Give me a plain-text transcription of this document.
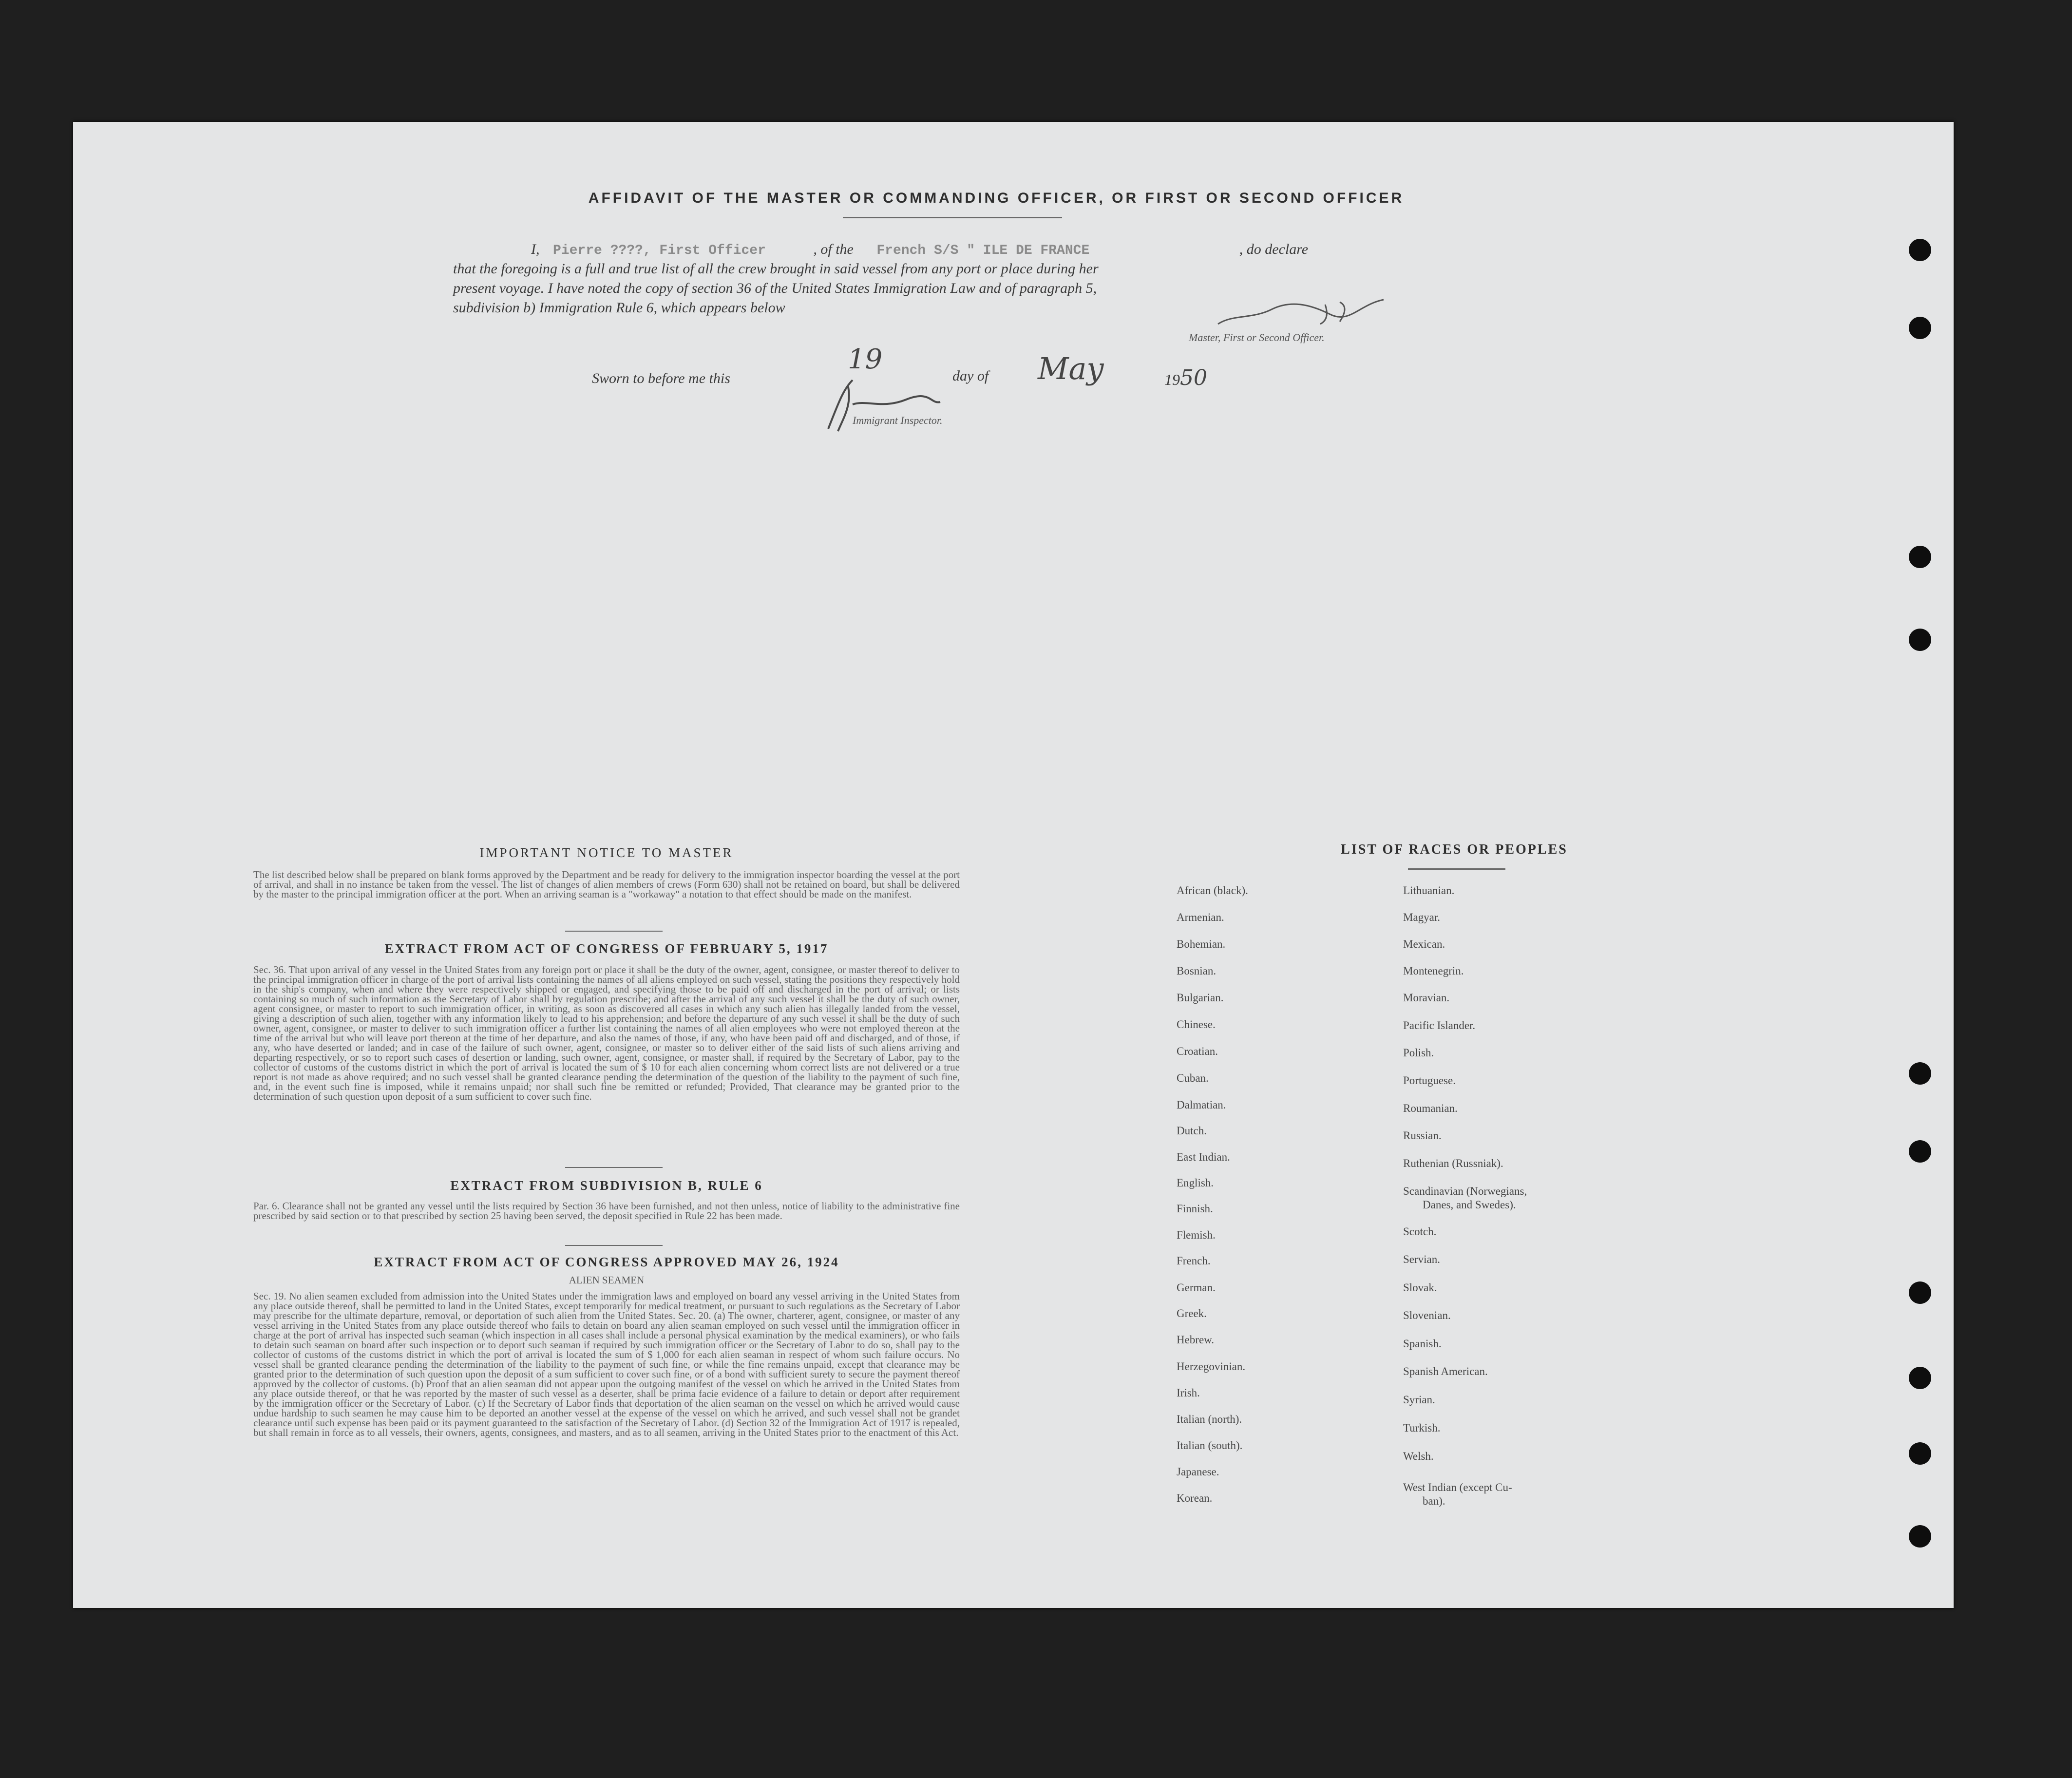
AFFIDAVIT OF THE MASTER OR COMMANDING OFFICER, OR FIRST OR SECOND OFFICER
I, Pierre ????, First Officer	, of the French S/S " ILE DE FRANCE	, do declare
that the foregoing is a full and true list of all the crew brought in said vessel from any port or place during her
present voyage. I have noted the copy of section 36 of the United States Immigration Law and of paragraph 5,
subdivision b) Immigration Rule 6, which appears below
Master, First or Second Officer.
Sworn to before me this
19
day of May	1950
Immigrant Inspector.
IMPORTANT NOTICE TO MASTER
The list described below shall be prepared on blank forms approved by the Department and be ready for delivery to the immigration inspector boarding the vessel at the port of arrival, and shall in no instance be taken from the vessel. The list of changes of alien members of crews (Form 630) shall not be retained on board, but shall be delivered by the master to the principal immigration officer at the port. When an arriving seaman is a "workaway" a notation to that effect should be made on the manifest.
EXTRACT FROM ACT OF CONGRESS OF FEBRUARY 5, 1917
Sec. 36. That upon arrival of any vessel in the United States from any foreign port or place it shall be the duty of the owner, agent, consignee, or master thereof to deliver to the principal immigration officer in charge of the port of arrival lists containing the names of all aliens employed on such vessel, stating the positions they respectively hold in the ship's company, when and where they were respectively shipped or engaged, and specifying those to be paid off and discharged in the port of arrival; or lists containing so much of such information as the Secretary of Labor shall by regulation prescribe; and after the arrival of any such vessel it shall be the duty of such owner, agent consignee, or master to report to such immigration officer, in writing, as soon as discovered all cases in which any such alien has illegally landed from the vessel, giving a description of such alien, together with any information likely to lead to his apprehension; and before the departure of any such vessel it shall be the duty of such owner, agent, consignee, or master to deliver to such immigration officer a further list containing the names of all alien employees who were not employed thereon at the time of the arrival but who will leave port thereon at the time of her departure, and also the names of those, if any, who have been paid off and discharged, and of those, if any, who have deserted or landed; and in case of the failure of such owner, agent, consignee, or master so to deliver either of the said lists of such aliens arriving and departing respectively, or so to report such cases of desertion or landing, such owner, agent, consignee, or master shall, if required by the Secretary of Labor, pay to the collector of customs of the customs district in which the port of arrival is located the sum of $ 10 for each alien concerning whom correct lists are not delivered or a true report is not made as above required; and no such vessel shall be granted clearance pending the determination of the question of the liability to the payment of such fine, and, in the event such fine is imposed, while it remains unpaid; nor shall such fine be remitted or refunded; Provided, That clearance may be granted prior to the determination of such question upon deposit of a sum sufficient to cover such fine.
EXTRACT FROM SUBDIVISION B, RULE 6
Par. 6. Clearance shall not be granted any vessel until the lists required by Section 36 have been furnished, and not then unless, notice of liability to the administrative fine prescribed by said section or to that prescribed by section 25 having been served, the deposit specified in Rule 22 has been made.
EXTRACT FROM ACT OF CONGRESS APPROVED MAY 26, 1924
ALIEN SEAMEN
Sec. 19. No alien seamen excluded from admission into the United States under the immigration laws and employed on board any vessel arriving in the United States from any place outside thereof, shall be permitted to land in the United States, except temporarily for medical treatment, or pursuant to such regulations as the Secretary of Labor may prescribe for the ultimate departure, removal, or deportation of such alien from the United States. Sec. 20. (a) The owner, charterer, agent, consignee, or master of any vessel arriving in the United States from any place outside thereof who fails to detain on board any alien seaman employed on such vessel until the immigration officer in charge at the port of arrival has inspected such seaman (which inspection in all cases shall include a personal physical examination by the medical examiners), or who fails to detain such seaman on board after such inspection or to deport such seaman if required by such immigration officer or the Secretary of Labor to do so, shall pay to the collector of customs of the customs district in which the port of arrival is located the sum of $ 1,000 for each alien seaman in respect of whom such failure occurs. No vessel shall be granted clearance pending the determination of the liability to the payment of such fine, or while the fine remains unpaid, except that clearance may be granted prior to the determination of such question upon the deposit of a sum sufficient to cover such fine, or of a bond with sufficient surety to secure the payment thereof approved by the collector of customs. (b) Proof that an alien seaman did not appear upon the outgoing manifest of the vessel on which he arrived in the United States from any place outside thereof, or that he was reported by the master of such vessel as a deserter, shall be prima facie evidence of a failure to detain or deport after requirement by the immigration officer or the Secretary of Labor. (c) If the Secretary of Labor finds that deportation of the alien seaman on the vessel on which he arrived would cause undue hardship to such seamen he may cause him to be deported an another vessel at the expense of the vessel on which he arrived, and such vessel shall not be grandet clearance until such expense has been paid or its payment guaranteed to the satisfaction of the Secretary of Labor. (d) Section 32 of the Immigration Act of 1917 is repealed, but shall remain in force as to all vessels, their owners, agents, consignees, and masters, and as to all seamen, arriving in the United States prior to the enactment of this Act.
LIST OF RACES OR PEOPLES
African (black).
Armenian.
Bohemian.
Bosnian.
Bulgarian.
Chinese.
Croatian.
Cuban.
Dalmatian.
Dutch.
East Indian.
English.
Finnish.
Flemish.
French.
German.
Greek.
Hebrew.
Herzegovinian.
Irish.
Italian (north).
Italian (south).
Japanese.
Korean.
Lithuanian.
Magyar.
Mexican.
Montenegrin.
Moravian.
Pacific Islander.
Polish.
Portuguese.
Roumanian.
Russian.
Ruthenian (Russniak).
Scandinavian (Norwegians,
Danes, and Swedes).
Scotch.
Servian.
Slovak.
Slovenian.
Spanish.
Spanish American.
Syrian.
Turkish.
Welsh.
West Indian (except Cu-
ban).
